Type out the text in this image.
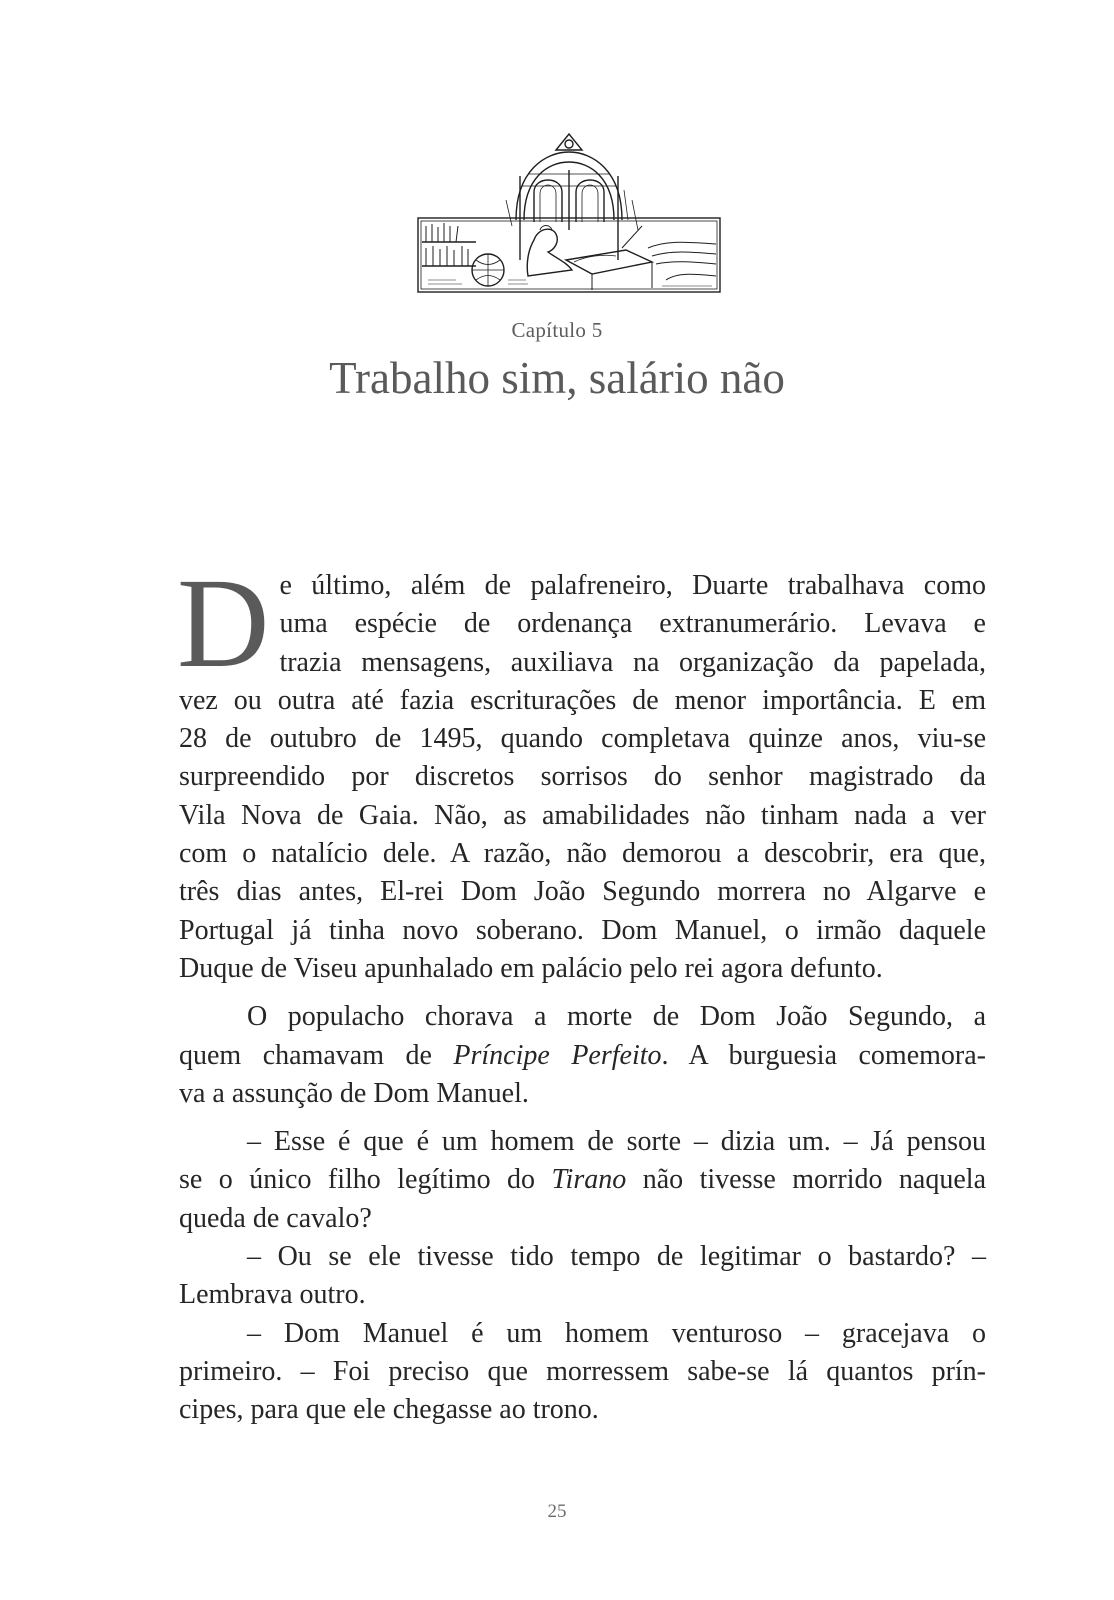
Capítulo 5
Trabalho sim, salário não

D e último, além de palafreneiro, Duarte trabalhava como
uma espécie de ordenança extranumerário. Levava e
trazia mensagens, auxiliava na organização da papelada,
vez ou outra até fazia escriturações de menor importância. E em
28 de outubro de 1495, quando completava quinze anos, viu-se
surpreendido por discretos sorrisos do senhor magistrado da
Vila Nova de Gaia. Não, as amabilidades não tinham nada a ver
com o natalício dele. A razão, não demorou a descobrir, era que,
três dias antes, El-rei Dom João Segundo morrera no Algarve e
Portugal já tinha novo soberano. Dom Manuel, o irmão daquele
Duque de Viseu apunhalado em palácio pelo rei agora defunto.

O populacho chorava a morte de Dom João Segundo, a
quem chamavam de Príncipe Perfeito. A burguesia comemora-
va a assunção de Dom Manuel.

– Esse é que é um homem de sorte – dizia um. – Já pensou
se o único filho legítimo do Tirano não tivesse morrido naquela
queda de cavalo?

– Ou se ele tivesse tido tempo de legitimar o bastardo? –
Lembrava outro.

– Dom Manuel é um homem venturoso – gracejava o
primeiro. – Foi preciso que morressem sabe-se lá quantos prín-
cipes, para que ele chegasse ao trono.

25
